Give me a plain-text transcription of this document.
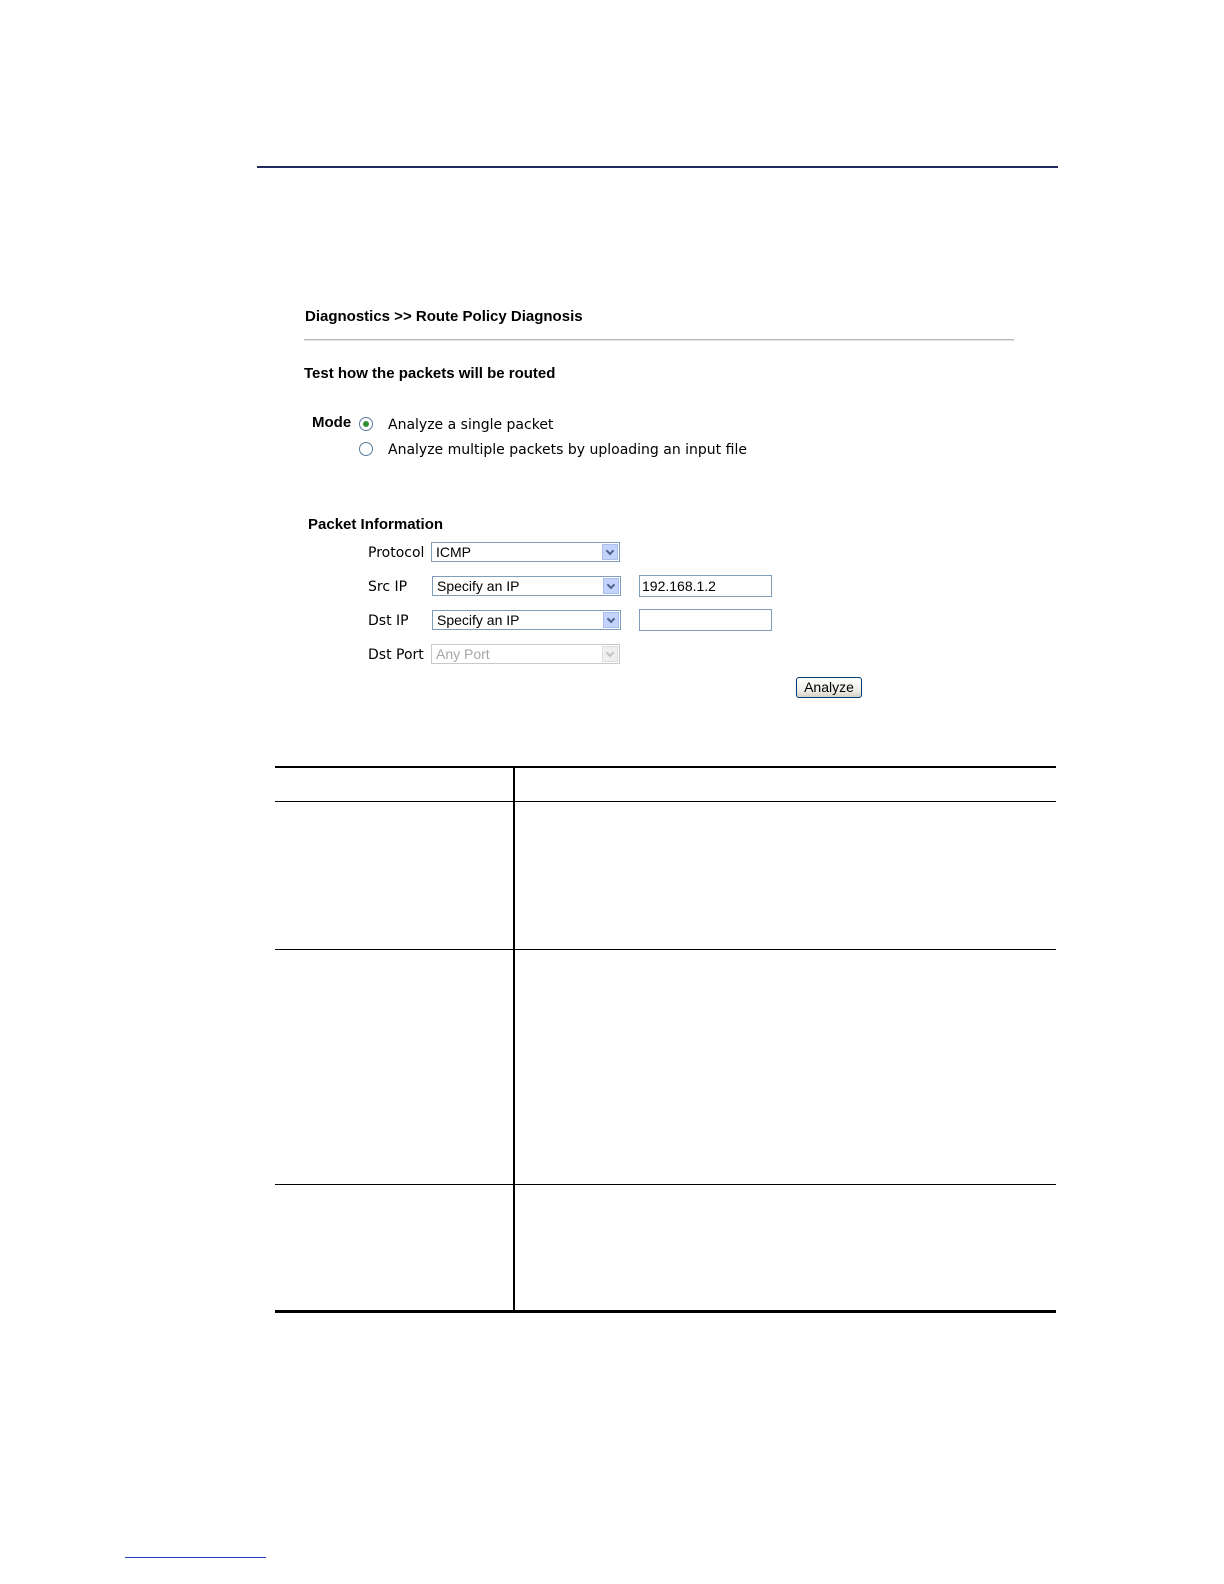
Diagnostics >> Route Policy Diagnosis
Test how the packets will be routed
Mode	Analyze a single packet
Analyze multiple packets by uploading an input file
Packet Information
Protocol ICMP
Src IP	Specify an IP	192.168.1.2
Dst IP	Specify an IP
Dst Port Any Port
Analyze
